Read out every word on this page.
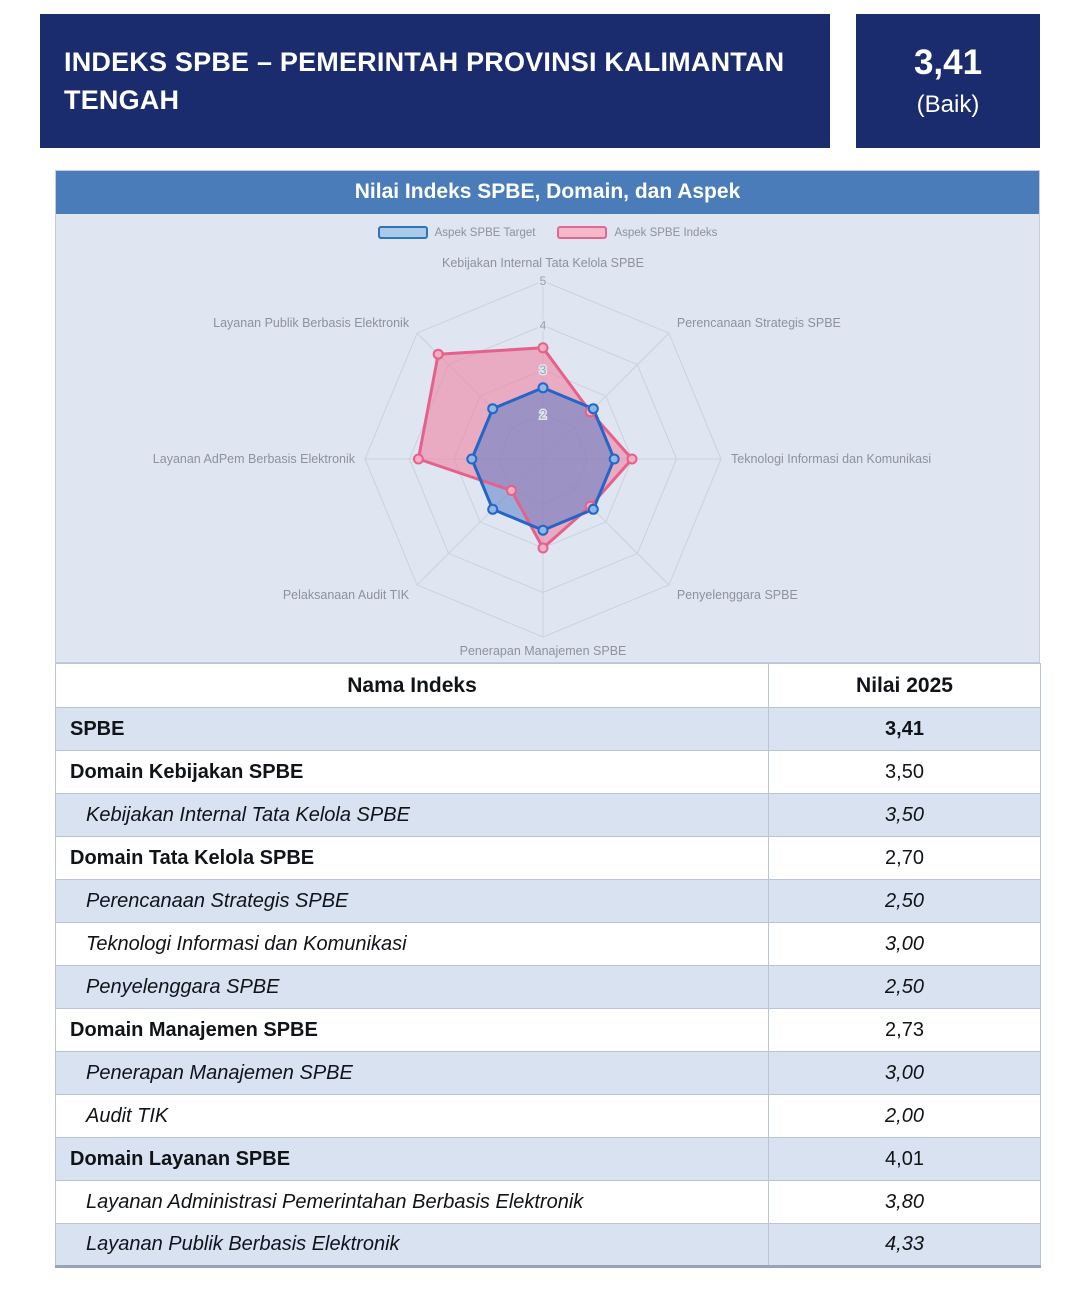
INDEKS SPBE – PEMERINTAH PROVINSI KALIMANTAN TENGAH
3,41
(Baik)
Nilai Indeks SPBE, Domain, dan Aspek
Aspek SPBE Target	Aspek SPBE Indeks
2
3
4
5
Kebijakan Internal Tata Kelola SPBE
Perencanaan Strategis SPBE
Teknologi Informasi dan Komunikasi
Penyelenggara SPBE
Penerapan Manajemen SPBE
Pelaksanaan Audit TIK
Layanan AdPem Berbasis Elektronik
Layanan Publik Berbasis Elektronik
Nama Indeks	Nilai 2025
SPBE	3,41
Domain Kebijakan SPBE	3,50
Kebijakan Internal Tata Kelola SPBE	3,50
Domain Tata Kelola SPBE	2,70
Perencanaan Strategis SPBE	2,50
Teknologi Informasi dan Komunikasi	3,00
Penyelenggara SPBE	2,50
Domain Manajemen SPBE	2,73
Penerapan Manajemen SPBE	3,00
Audit TIK	2,00
Domain Layanan SPBE	4,01
Layanan Administrasi Pemerintahan Berbasis Elektronik	3,80
Layanan Publik Berbasis Elektronik	4,33
